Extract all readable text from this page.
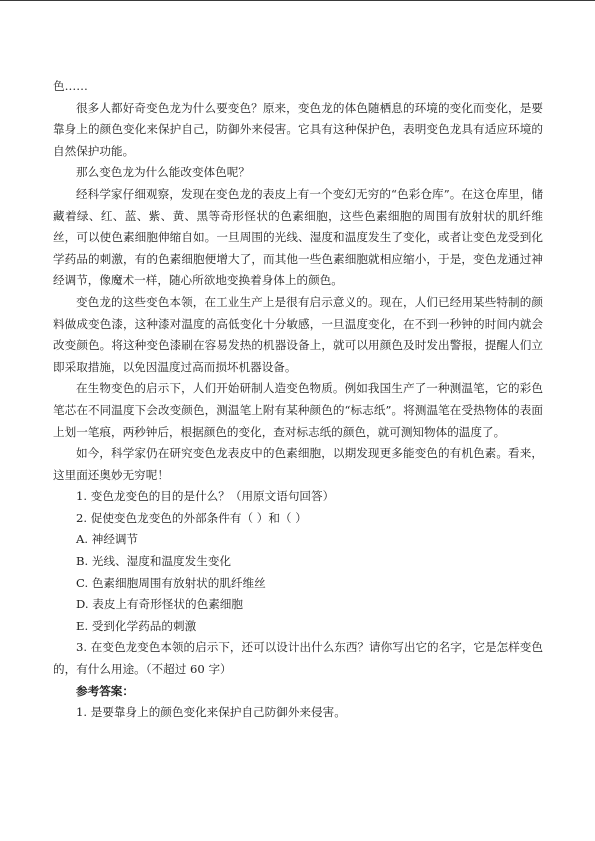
色……

很多人都好奇变色龙为什么要变色？原来，变色龙的体色随栖息的环境的变化而变化，是要靠身上的颜色变化来保护自己，防御外来侵害。它具有这种保护色，表明变色龙具有适应环境的自然保护功能。

那么变色龙为什么能改变体色呢？

经科学家仔细观察，发现在变色龙的表皮上有一个变幻无穷的“色彩仓库”。在这仓库里，储藏着绿、红、蓝、紫、黄、黑等奇形怪状的色素细胞，这些色素细胞的周围有放射状的肌纤维丝，可以使色素细胞伸缩自如。一旦周围的光线、湿度和温度发生了变化，或者让变色龙受到化学药品的刺激，有的色素细胞便增大了，而其他一些色素细胞就相应缩小，于是，变色龙通过神经调节，像魔术一样，随心所欲地变换着身体上的颜色。

变色龙的这些变色本领，在工业生产上是很有启示意义的。现在，人们已经用某些特制的颜料做成变色漆，这种漆对温度的高低变化十分敏感，一旦温度变化，在不到一秒钟的时间内就会改变颜色。将这种变色漆刷在容易发热的机器设备上，就可以用颜色及时发出警报，提醒人们立即采取措施，以免因温度过高而损坏机器设备。

在生物变色的启示下，人们开始研制人造变色物质。例如我国生产了一种测温笔，它的彩色笔芯在不同温度下会改变颜色，测温笔上附有某种颜色的“标志纸”。将测温笔在受热物体的表面上划一笔痕，两秒钟后，根据颜色的变化，查对标志纸的颜色，就可测知物体的温度了。

如今，科学家仍在研究变色龙表皮中的色素细胞，以期发现更多能变色的有机色素。看来，这里面还奥妙无穷呢！

1. 变色龙变色的目的是什么？（用原文语句回答）

2. 促使变色龙变色的外部条件有（ ）和（ ）

A. 神经调节

B. 光线、湿度和温度发生变化

C. 色素细胞周围有放射状的肌纤维丝

D. 表皮上有奇形怪状的色素细胞

E. 受到化学药品的刺激

3. 在变色龙变色本领的启示下，还可以设计出什么东西？请你写出它的名字，它是怎样变色的，有什么用途。（不超过 60 字）

参考答案：

1. 是要靠身上的颜色变化来保护自己防御外来侵害。
